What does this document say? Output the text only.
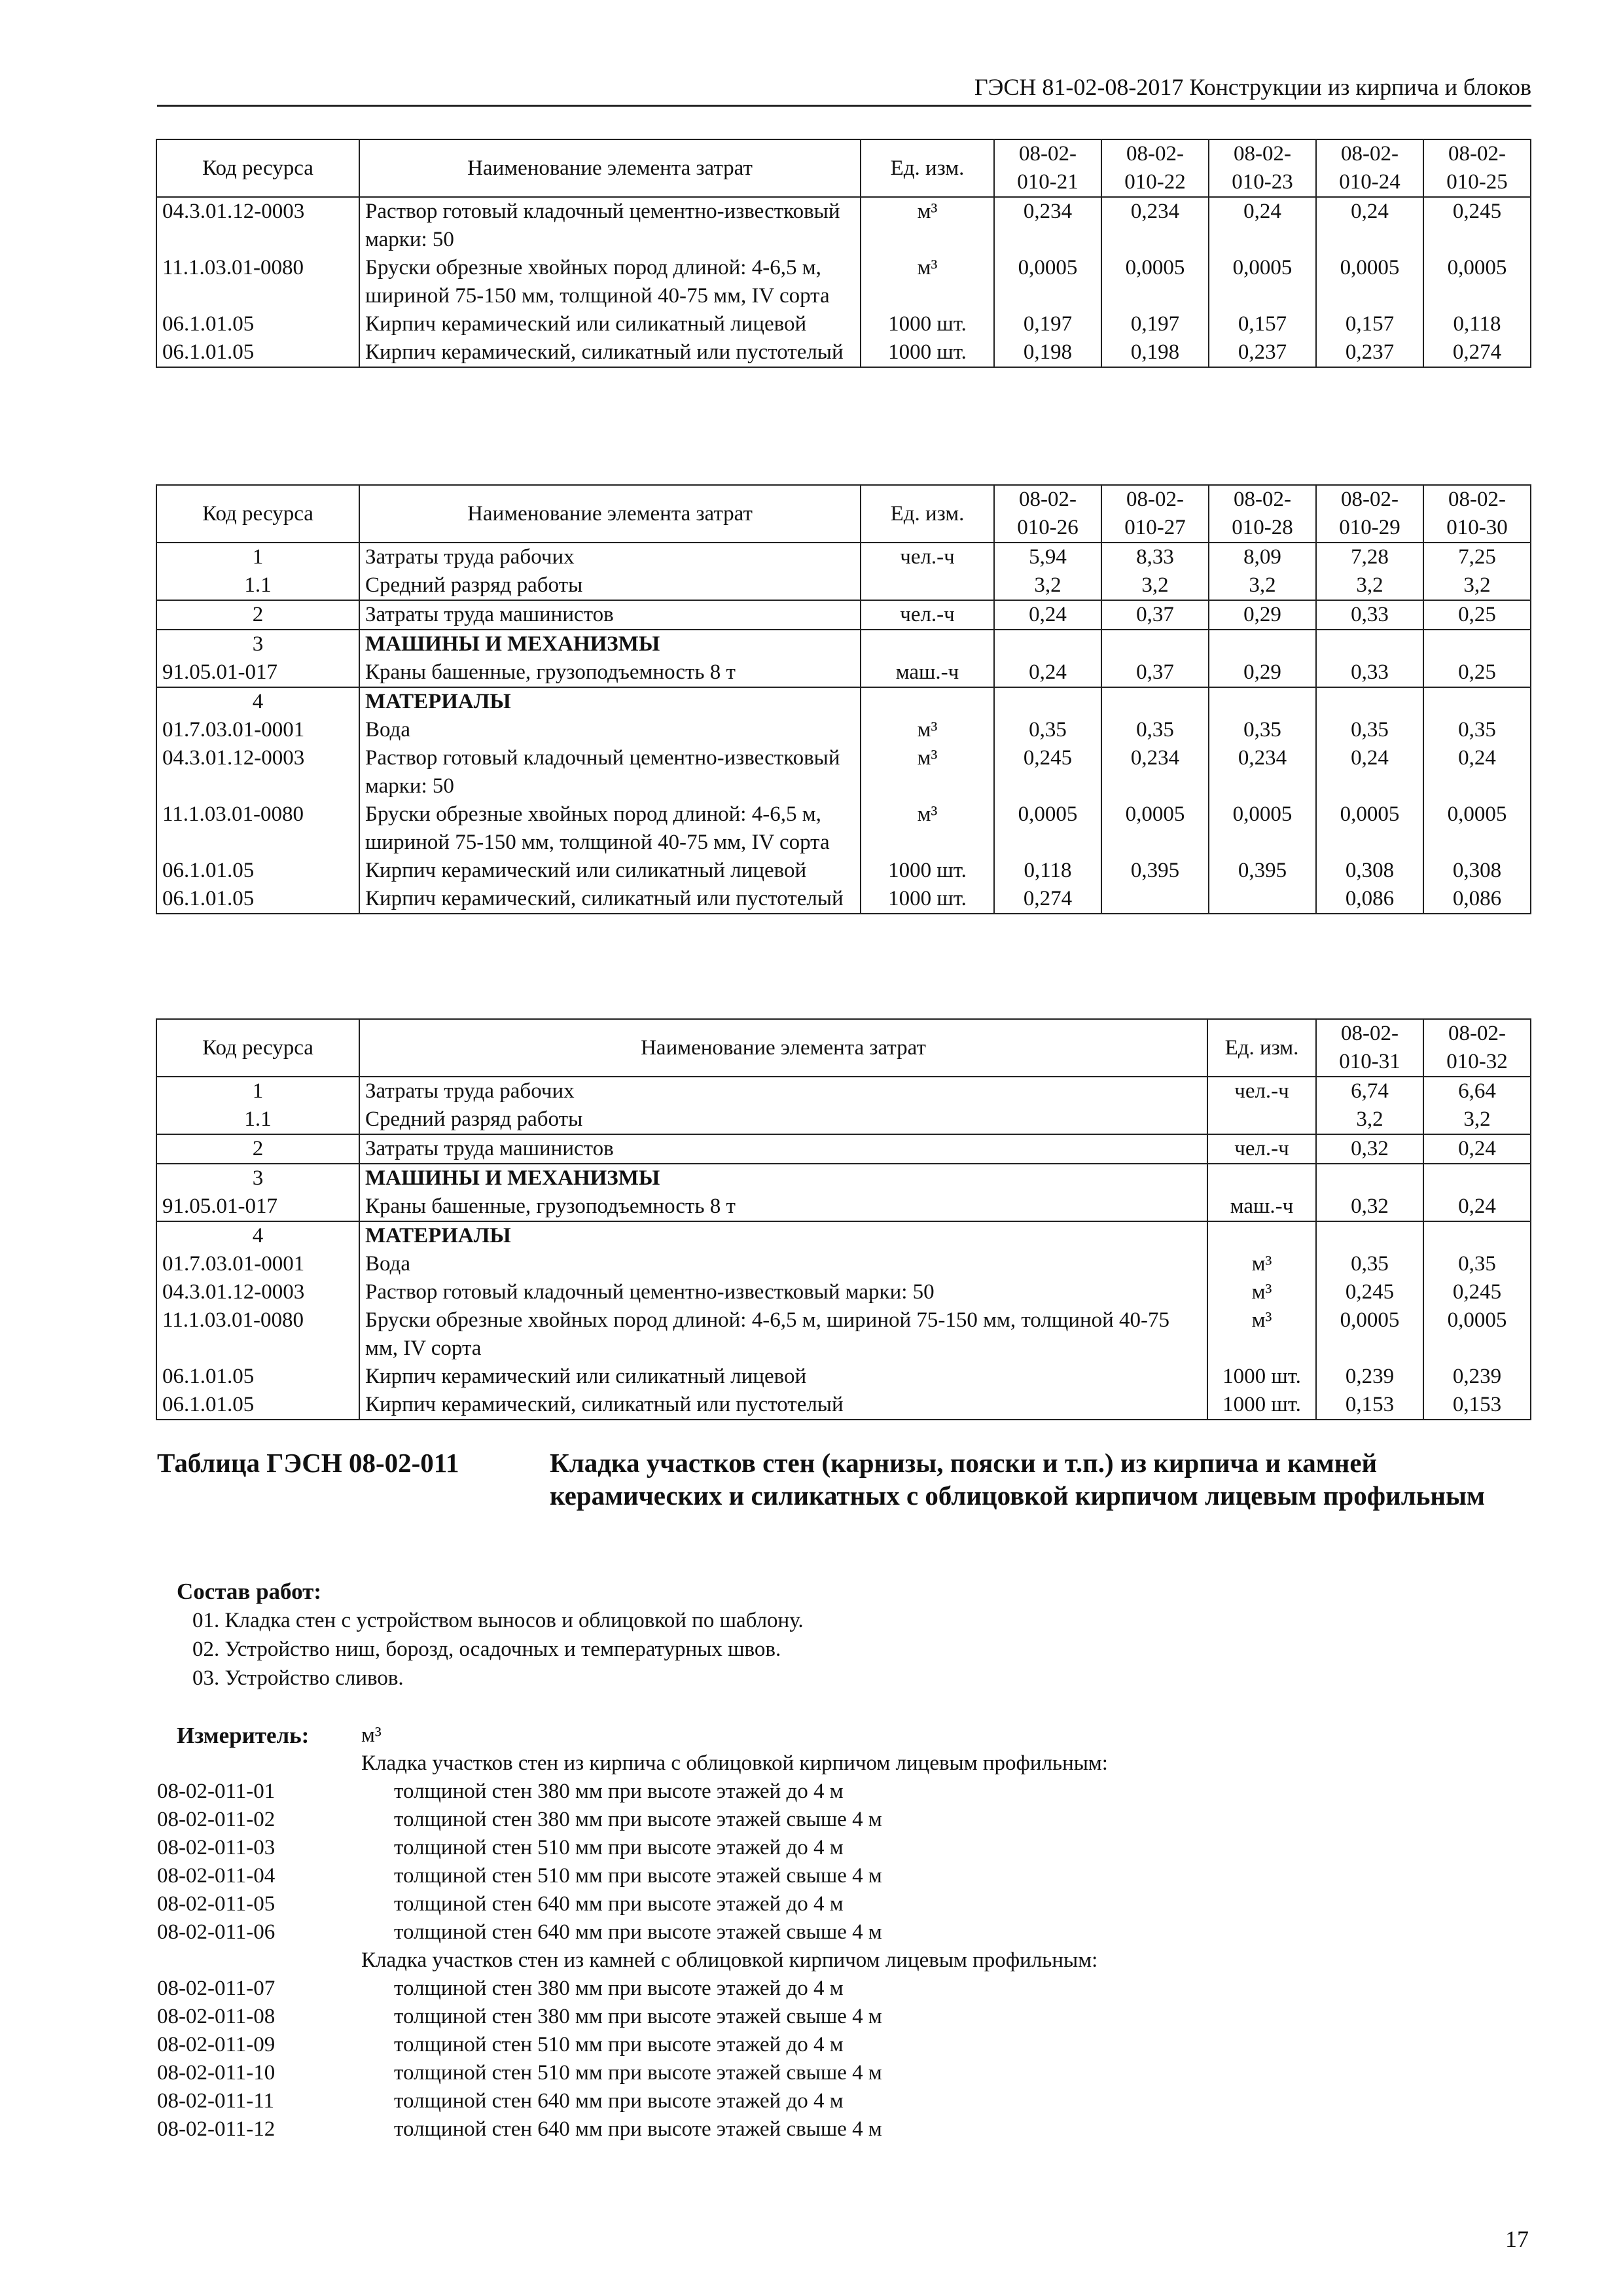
ГЭСН 81-02-08-2017 Конструкции из кирпича и блоков
Код ресурса	Наименование элемента затрат	Ед. изм.	08-02-010-21	08-02-010-22	08-02-010-23	08-02-010-24	08-02-010-25
04.3.01.12-0003	Раствор готовый кладочный цементно-известковый марки: 50	м³	0,234	0,234	0,24	0,24	0,245
11.1.03.01-0080	Бруски обрезные хвойных пород длиной: 4-6,5 м, шириной 75-150 мм, толщиной 40-75 мм, IV сорта	м³	0,0005	0,0005	0,0005	0,0005	0,0005
06.1.01.05	Кирпич керамический или силикатный лицевой	1000 шт.	0,197	0,197	0,157	0,157	0,118
06.1.01.05	Кирпич керамический, силикатный или пустотелый	1000 шт.	0,198	0,198	0,237	0,237	0,274
Код ресурса	Наименование элемента затрат	Ед. изм.	08-02-010-26	08-02-010-27	08-02-010-28	08-02-010-29	08-02-010-30
1	Затраты труда рабочих	чел.-ч	5,94	8,33	8,09	7,28	7,25
1.1	Средний разряд работы		3,2	3,2	3,2	3,2	3,2
2	Затраты труда машинистов	чел.-ч	0,24	0,37	0,29	0,33	0,25
3	МАШИНЫ И МЕХАНИЗМЫ						
91.05.01-017	Краны башенные, грузоподъемность 8 т	маш.-ч	0,24	0,37	0,29	0,33	0,25
4	МАТЕРИАЛЫ						
01.7.03.01-0001	Вода	м³	0,35	0,35	0,35	0,35	0,35
04.3.01.12-0003	Раствор готовый кладочный цементно-известковый марки: 50	м³	0,245	0,234	0,234	0,24	0,24
11.1.03.01-0080	Бруски обрезные хвойных пород длиной: 4-6,5 м, шириной 75-150 мм, толщиной 40-75 мм, IV сорта	м³	0,0005	0,0005	0,0005	0,0005	0,0005
06.1.01.05	Кирпич керамический или силикатный лицевой	1000 шт.	0,118	0,395	0,395	0,308	0,308
06.1.01.05	Кирпич керамический, силикатный или пустотелый	1000 шт.	0,274			0,086	0,086
Код ресурса	Наименование элемента затрат	Ед. изм.	08-02-010-31	08-02-010-32
1	Затраты труда рабочих	чел.-ч	6,74	6,64
1.1	Средний разряд работы		3,2	3,2
2	Затраты труда машинистов	чел.-ч	0,32	0,24
3	МАШИНЫ И МЕХАНИЗМЫ			
91.05.01-017	Краны башенные, грузоподъемность 8 т	маш.-ч	0,32	0,24
4	МАТЕРИАЛЫ			
01.7.03.01-0001	Вода	м³	0,35	0,35
04.3.01.12-0003	Раствор готовый кладочный цементно-известковый марки: 50	м³	0,245	0,245
11.1.03.01-0080	Бруски обрезные хвойных пород длиной: 4-6,5 м, шириной 75-150 мм, толщиной 40-75 мм, IV сорта	м³	0,0005	0,0005
06.1.01.05	Кирпич керамический или силикатный лицевой	1000 шт.	0,239	0,239
06.1.01.05	Кирпич керамический, силикатный или пустотелый	1000 шт.	0,153	0,153
Таблица ГЭСН 08-02-011	Кладка участков стен (карнизы, пояски и т.п.) из кирпича и камней керамических и силикатных с облицовкой кирпичом лицевым профильным
Состав работ:
01. Кладка стен с устройством выносов и облицовкой по шаблону.
02. Устройство ниш, борозд, осадочных и температурных швов.
03. Устройство сливов.
Измеритель: м³
Кладка участков стен из кирпича с облицовкой кирпичом лицевым профильным:
08-02-011-01	толщиной стен 380 мм при высоте этажей до 4 м
08-02-011-02	толщиной стен 380 мм при высоте этажей свыше 4 м
08-02-011-03	толщиной стен 510 мм при высоте этажей до 4 м
08-02-011-04	толщиной стен 510 мм при высоте этажей свыше 4 м
08-02-011-05	толщиной стен 640 мм при высоте этажей до 4 м
08-02-011-06	толщиной стен 640 мм при высоте этажей свыше 4 м
Кладка участков стен из камней с облицовкой кирпичом лицевым профильным:
08-02-011-07	толщиной стен 380 мм при высоте этажей до 4 м
08-02-011-08	толщиной стен 380 мм при высоте этажей свыше 4 м
08-02-011-09	толщиной стен 510 мм при высоте этажей до 4 м
08-02-011-10	толщиной стен 510 мм при высоте этажей свыше 4 м
08-02-011-11	толщиной стен 640 мм при высоте этажей до 4 м
08-02-011-12	толщиной стен 640 мм при высоте этажей свыше 4 м
17
